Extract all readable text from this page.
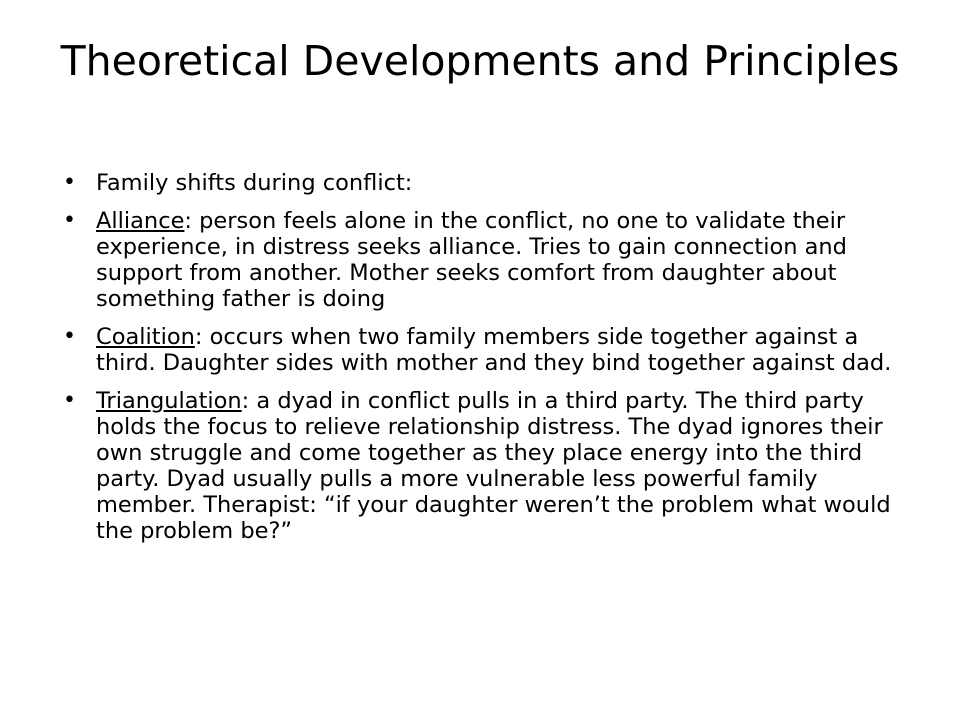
Theoretical Developments and Principles
• Family shifts during conflict:
• Alliance: person feels alone in the conflict, no one to validate their experience, in distress seeks alliance. Tries to gain connection and support from another. Mother seeks comfort from daughter about something father is doing
• Coalition: occurs when two family members side together against a third. Daughter sides with mother and they bind together against dad.
• Triangulation: a dyad in conflict pulls in a third party. The third party holds the focus to relieve relationship distress. The dyad ignores their own struggle and come together as they place energy into the third party. Dyad usually pulls a more vulnerable less powerful family member. Therapist: “if your daughter weren’t the problem what would the problem be?”
